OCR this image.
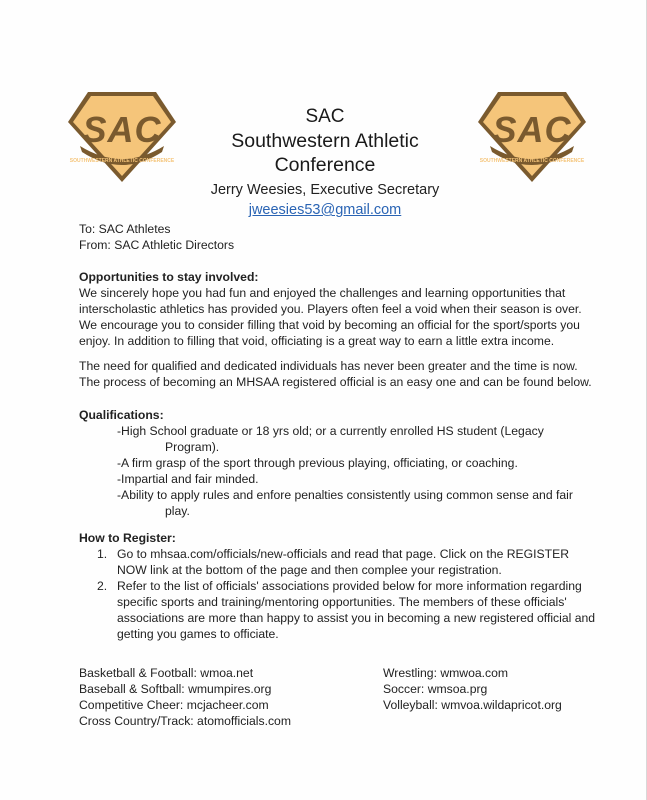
SAC
SOUTHWESTERN ATHLETIC CONFERENCE
SAC
SOUTHWESTERN ATHLETIC CONFERENCE
SAC
Southwestern Athletic Conference
Jerry Weesies, Executive Secretary
jweesies53@gmail.com
To: SAC Athletes
From: SAC Athletic Directors
Opportunities to stay involved:
We sincerely hope you had fun and enjoyed the challenges and learning opportunities that
interscholastic athletics has provided you. Players often feel a void when their season is over.
We encourage you to consider filling that void by becoming an official for the sport/sports you
enjoy. In addition to filling that void, officiating is a great way to earn a little extra income.
The need for qualified and dedicated individuals has never been greater and the time is now.
The process of becoming an MHSAA registered official is an easy one and can be found below.
Qualifications:
-High School graduate or 18 yrs old; or a currently enrolled HS student (Legacy
Program).
-A firm grasp of the sport through previous playing, officiating, or coaching.
-Impartial and fair minded.
-Ability to apply rules and enfore penalties consistently using common sense and fair
play.
How to Register:
1. Go to mhsaa.com/officials/new-officials and read that page. Click on the REGISTER
NOW link at the bottom of the page and then complee your registration.
2. Refer to the list of officials' associations provided below for more information regarding
specific sports and training/mentoring opportunities. The members of these officials'
associations are more than happy to assist you in becoming a new registered official and
getting you games to officiate.
Basketball & Football: wmoa.net
Baseball & Softball: wmumpires.org
Competitive Cheer: mcjacheer.com
Cross Country/Track: atomofficials.com
Wrestling: wmwoa.com
Soccer: wmsoa.prg
Volleyball: wmvoa.wildapricot.org
